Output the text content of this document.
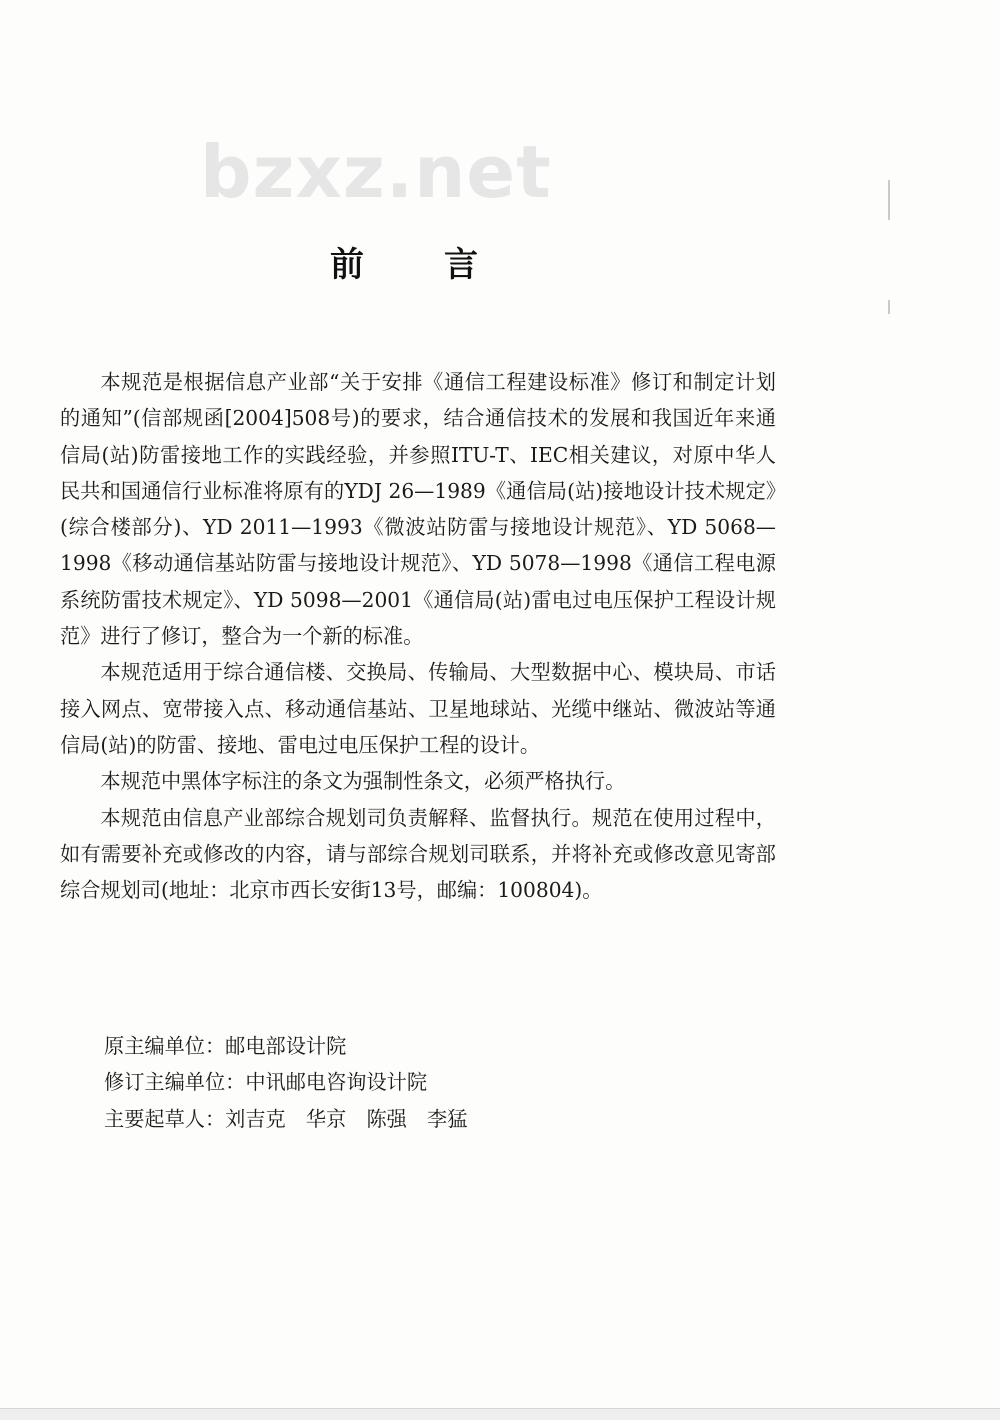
bzxz.net
前言

本规范是根据信息产业部“关于安排《通信工程建设标准》修订和制定计划的通知”(信部规函[2004]508号)的要求，结合通信技术的发展和我国近年来通信局(站)防雷接地工作的实践经验，并参照ITU-T、IEC相关建议，对原中华人民共和国通信行业标准将原有的YDJ 26—1989《通信局(站)接地设计技术规定》(综合楼部分)、YD 2011—1993《微波站防雷与接地设计规范》、YD 5068—1998《移动通信基站防雷与接地设计规范》、YD 5078—1998《通信工程电源系统防雷技术规定》、YD 5098—2001《通信局(站)雷电过电压保护工程设计规范》进行了修订，整合为一个新的标准。

本规范适用于综合通信楼、交换局、传输局、大型数据中心、模块局、市话接入网点、宽带接入点、移动通信基站、卫星地球站、光缆中继站、微波站等通信局(站)的防雷、接地、雷电过电压保护工程的设计。

本规范中黑体字标注的条文为强制性条文，必须严格执行。

本规范由信息产业部综合规划司负责解释、监督执行。规范在使用过程中，如有需要补充或修改的内容，请与部综合规划司联系，并将补充或修改意见寄部综合规划司(地址：北京市西长安街13号，邮编：100804)。

原主编单位：邮电部设计院
修订主编单位：中讯邮电咨询设计院
主要起草人：刘吉克　华京　陈强　李猛
